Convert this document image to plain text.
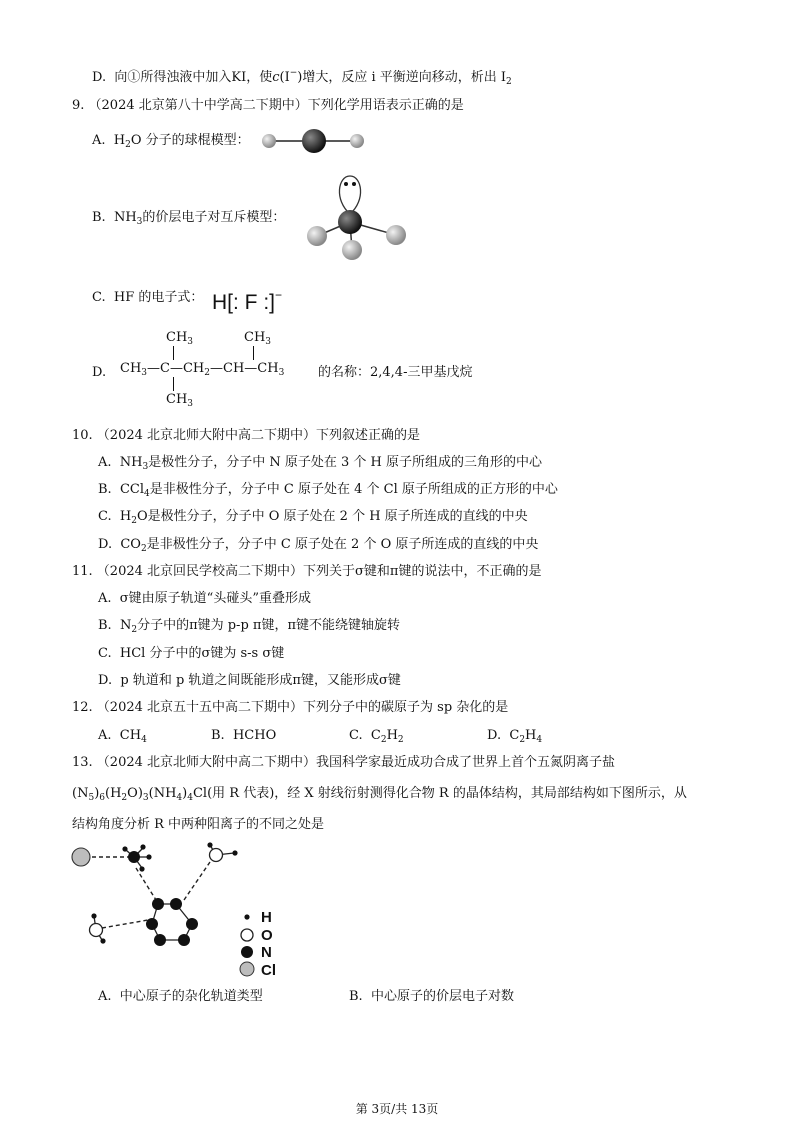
D. 向①所得浊液中加入KI，使c(I−)增大，反应 i 平衡逆向移动，析出 $I_2$
9. （2024 北京第八十中学高二下期中）下列化学用语表示正确的是
A. $H_2O$ 分子的球棍模型：
B. $NH_3$的价层电子对互斥模型：
C. HF 的电子式： H[: F :]−
D.
$CH_3$	$CH_3$
$CH_3—C—CH_2—CH—CH_3$
$CH_3$
的名称：2,4,4-三甲基戊烷
10. （2024 北京北师大附中高二下期中）下列叙述正确的是
A. $NH_3$是极性分子，分子中 N 原子处在 3 个 H 原子所组成的三角形的中心
B. CCl$_4$是非极性分子，分子中 C 原子处在 4 个 Cl 原子所组成的正方形的中心
C. $H_2O$是极性分子，分子中 O 原子处在 2 个 H 原子所连成的直线的中央
D. $CO_2$是非极性分子，分子中 C 原子处在 2 个 O 原子所连成的直线的中央
11. （2024 北京回民学校高二下期中）下列关于σ键和π键的说法中，不正确的是
A. σ键由原子轨道“头碰头”重叠形成
B. $N_2$分子中的π键为 p-p π键，π键不能绕键轴旋转
C. HCl 分子中的σ键为 s-s σ键
D. p 轨道和 p 轨道之间既能形成π键，又能形成σ键
12. （2024 北京五十五中高二下期中）下列分子中的碳原子为 sp 杂化的是
A. $CH_4$	B. HCHO	C. $C_2H_2$	D. $C_2H_4$
13. （2024 北京北师大附中高二下期中）我国科学家最近成功合成了世界上首个五氮阴离子盐
$(N_5)_6(H_2O)_3(NH_4)_4Cl$(用 R 代表)，经 X 射线衍射测得化合物 R 的晶体结构，其局部结构如下图所示，从
结构角度分析 R 中两种阳离子的不同之处是
H
O
N
Cl
A. 中心原子的杂化轨道类型	B. 中心原子的价层电子对数
第 3页/共 13页
